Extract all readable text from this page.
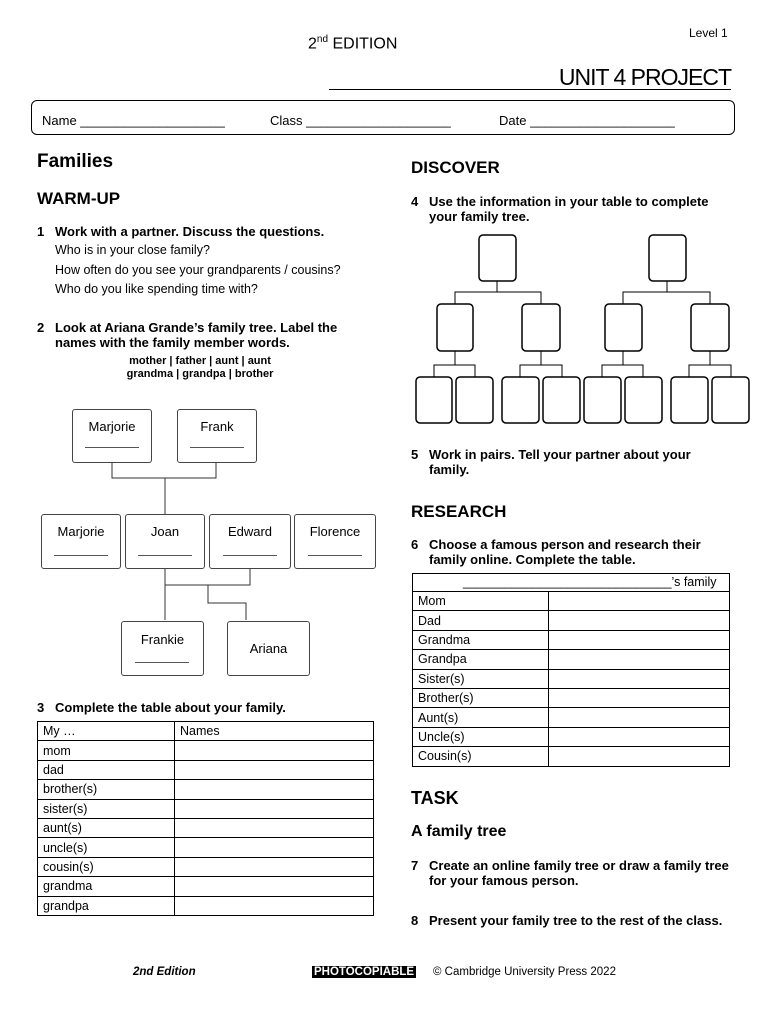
2nd EDITION
Level 1
UNIT 4 PROJECT
Name ____________________	Class ____________________	Date ____________________
Families
WARM-UP
1 Work with a partner. Discuss the questions.
Who is in your close family?
How often do you see your grandparents / cousins?
Who do you like spending time with?
2 Look at Ariana Grande’s family tree. Label the names with the family member words.
mother | father | aunt | aunt
grandma | grandpa | brother
Marjorie	Frank
Marjorie	Joan	Edward	Florence
Frankie
Ariana
3 Complete the table about your family.
My …	Names
mom	
dad	
brother(s)	
sister(s)	
aunt(s)	
uncle(s)	
cousin(s)	
grandma	
grandpa	
DISCOVER
4 Use the information in your table to complete your family tree.
5 Work in pairs. Tell your partner about your family.
RESEARCH
6 Choose a famous person and research their family online. Complete the table.
______________________________’s family	
Mom	
Dad	
Grandma	
Grandpa	
Sister(s)	
Brother(s)	
Aunt(s)	
Uncle(s)	
Cousin(s)	
TASK
A family tree
7 Create an online family tree or draw a family tree for your famous person.
8 Present your family tree to the rest of the class.
2nd Edition	PHOTOCOPIABLE © Cambridge University Press 2022
